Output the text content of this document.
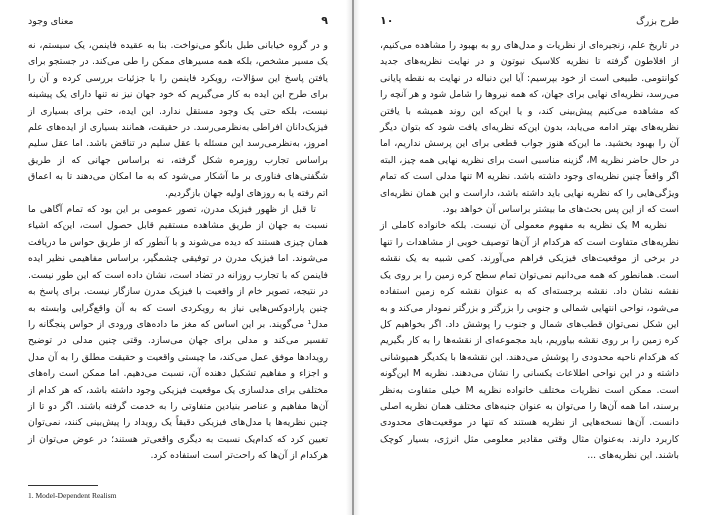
معنای وجود	۹

و در گروه خیابانی طبل بانگو می‌نواخت. بنا به عقیده فاینمن، یک سیستم، نه یک مسیر مشخص، بلکه همه مسیرهای ممکن را طی می‌کند. در جستجو برای یافتن پاسخ این سؤالات، رویکرد فاینمن را با جزئیات بررسی کرده و آن را برای طرح این ایده به کار می‌گیریم که خود جهان نیز نه تنها دارای یک پیشینه نیست، بلکه حتی یک وجود مستقل ندارد. این ایده، حتی برای بسیاری از فیزیک‌دانان افراطی به‌نظرمی‌رسد. در حقیقت، همانند بسیاری از ایده‌های علم امروز، به‌نظرمی‌رسد این مسئله با عقل سلیم در تناقض باشد. اما عقل سلیم براساس تجارب روزمره شکل گرفته، نه براساس جهانی که از طریق شگفتی‌های فناوری بر ما آشکار می‌شود که به ما امکان می‌دهند تا به اعماق اتم رفته یا به روزهای اولیه جهان بازگردیم.

تا قبل از ظهور فیزیک مدرن، تصور عمومی بر این بود که تمام آگاهی ما نسبت به جهان از طریق مشاهده مستقیم قابل حصول است، این‌که اشیاء همان چیزی هستند که دیده می‌شوند و با آنطور که از طریق حواس ما دریافت می‌شوند. اما فیزیک مدرن در توفیقی چشمگیر، براساس مفاهیمی نظیر ایده فاینمن که با تجارب روزانه در تضاد است، نشان داده است که این طور نیست. در نتیجه، تصویر خام از واقعیت با فیزیک مدرن سازگار نیست. برای پاسخ به چنین پارادوکس‌هایی نیاز به رویکردی است که به آن واقع‌گرایی وابسته به مدل¹ می‌گویند. بر این اساس که مغز ما داده‌های ورودی از حواس پنجگانه را تفسیر می‌کند و مدلی برای جهان می‌سازد. وقتی چنین مدلی در توضیح رویدادها موفق عمل می‌کند، ما چیستی واقعیت و حقیقت مطلق را به آن مدل و اجزاء و مفاهیم تشکیل دهنده آن، نسبت می‌دهیم. اما ممکن است راه‌های مختلفی برای مدلسازی یک موقعیت فیزیکی وجود داشته باشد، که هر کدام از آن‌ها مفاهیم و عناصر بنیادین متفاوتی را به خدمت گرفته باشند. اگر دو تا از چنین نظریه‌ها یا مدل‌های فیزیکی دقیقاً یک رویداد را پیش‌بینی کنند، نمی‌توان تعیین کرد که کدام‌یک نسبت به دیگری واقعی‌تر هستند؛ در عوض می‌توان از هرکدام از آن‌ها که راحت‌تر است استفاده کرد.

1. Model-Dependent Realism
۱۰	طرح بزرگ

در تاریخ علم، زنجیره‌ای از نظریات و مدل‌های رو به بهبود را مشاهده می‌کنیم، از افلاطون گرفته تا نظریه کلاسیک نیوتون و در نهایت نظریه‌های جدید کوانتومی. طبیعی است از خود بپرسیم: آیا این دنباله در نهایت به نقطه پایانی می‌رسد، نظریه‌ای نهایی برای جهان، که همه نیروها را شامل شود و هر آنچه را که مشاهده می‌کنیم پیش‌بینی کند، و یا این‌که این روند همیشه با یافتن نظریه‌های بهتر ادامه می‌یابد، بدون این‌که نظریه‌ای یافت شود که بتوان دیگر آن را بهبود بخشید. ما این‌که هنوز جواب قطعی برای این پرسش نداریم، اما در حال حاضر نظریه M، گزینه مناسبی است برای نظریه نهایی همه چیز، البته اگر واقعاً چنین نظریه‌ای وجود داشته باشد. نظریه M تنها مدلی است که تمام ویژگی‌هایی را که نظریه نهایی باید داشته باشد، داراست و این همان نظریه‌ای است که از این پس بحث‌های ما بیشتر براساس آن خواهد بود.

نظریه M یک نظریه به مفهوم معمولی آن نیست. بلکه خانواده کاملی از نظریه‌های متفاوت است که هرکدام از آن‌ها توصیف خوبی از مشاهدات را تنها در برخی از موقعیت‌های فیزیکی فراهم می‌آورند. کمی شبیه به یک نقشه است. همانطور که همه می‌دانیم نمی‌توان تمام سطح کره زمین را بر روی یک نقشه نشان داد. نقشه برجسته‌ای که به عنوان نقشه کره زمین استفاده می‌شود، نواحی انتهایی شمالی و جنوبی را بزرگتر و بزرگتر نمودار می‌کند و به این شکل نمی‌توان قطب‌های شمال و جنوب را پوشش داد. اگر بخواهیم کل کره زمین را بر روی نقشه بیاوریم، باید مجموعه‌ای از نقشه‌ها را به کار بگیریم که هرکدام ناحیه محدودی را پوشش می‌دهند. این نقشه‌ها با یکدیگر همپوشانی داشته و در این نواحی اطلاعات یکسانی را نشان می‌دهند. نظریه M این‌گونه است. ممکن است نظریات مختلف خانواده نظریه M خیلی متفاوت به‌نظر برسند، اما همه آن‌ها را می‌توان به عنوان جنبه‌های مختلف همان نظریه اصلی دانست. آن‌ها نسخه‌هایی از نظریه هستند که تنها در موقعیت‌های محدودی کاربرد دارند. به‌عنوان مثال وقتی مقادیر معلومی مثل انرژی، بسیار کوچک باشند. این نظریه‌های ...
